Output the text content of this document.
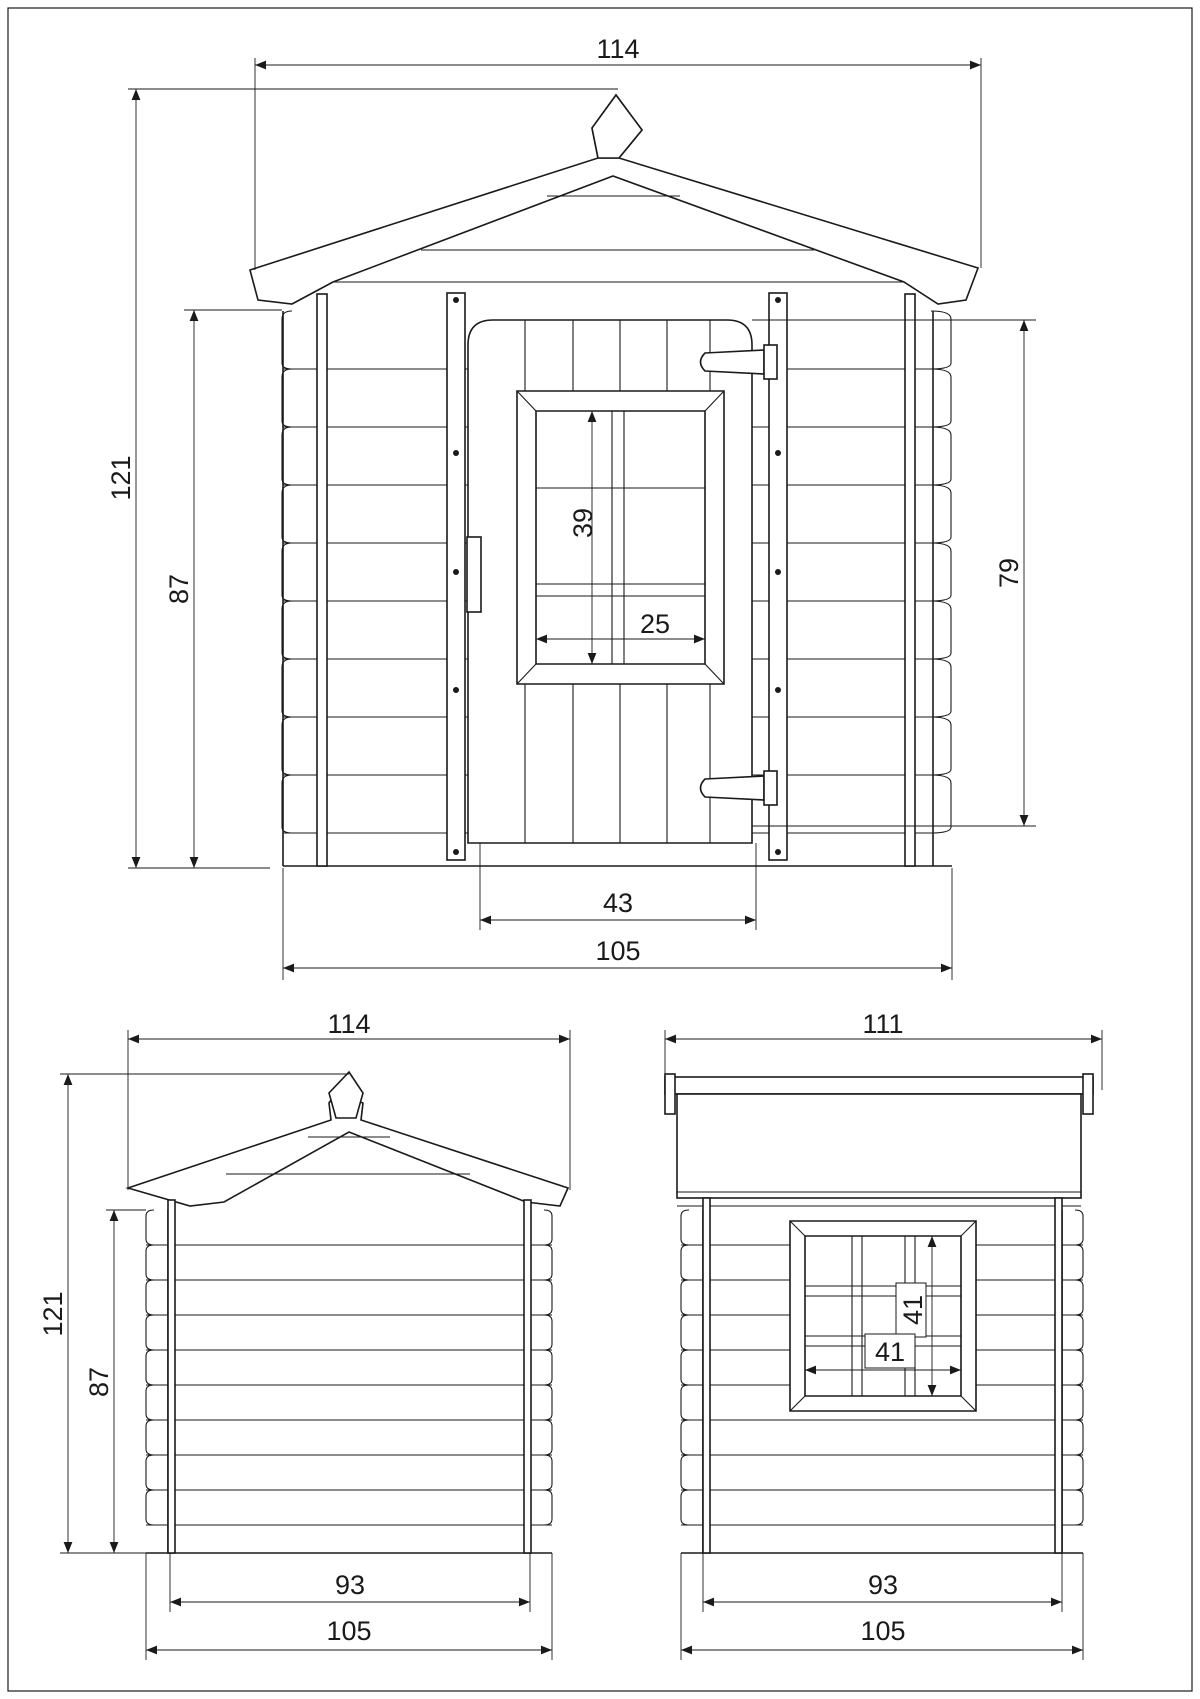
114
121
87
79
39
25
43
105
114
121
87
93
105
111
41
41
93
105
